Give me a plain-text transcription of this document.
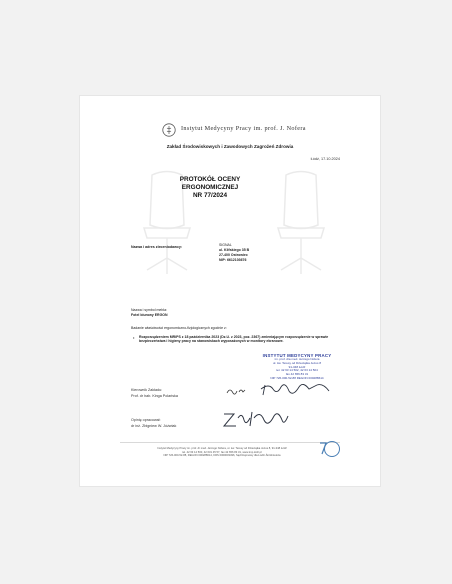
Instytut Medycyny Pracy im. prof. J. Nofera
Zakład Środowiskowych i Zawodowych Zagrożeń Zdrowia
Łódź, 17.10.2024
PROTOKÓŁ OCENY
ERGONOMICZNEJ
NR 77/2024
Nazwa i adres zleceniodawcy:	SIGNAL
ul. Klifskiego 35 B
27-400 Ostrowiec
NIP: 6612103676
Nazwa i symbol mebla:
Fotel biurowy ERGON
Badanie właściwości ergonomiczno-fizjologicznych zgodnie z:
• Rozporządzeniem MRiPS z 18 października 2023 (Dz.U. z 2023, poz. 2367) zmieniającym rozporządzenie w sprawie bezpieczeństwa i higieny pracy na stanowiskach wyposażonych w monitory ekranowe.
INSTYTUT MEDYCYNY PRACY
im. prof. dra med. Jerzego Nofera
ul. św. Teresy od Dzieciątka Jezus 8
91-348 Łódź
tel. 42 63 14 502, 42 63 14 504
fax 42 656 83 31
NIP 726-000-52-88 REGON 000288614
Kierownik Zakładu:
Prof. dr hab. Kinga Polańska
Opinię opracował:
dr inż. Zbigniew W. Jóźwiak
Instytut Medycyny Pracy im. prof. dr med. Jerzego Nofera, ul. św. Teresy od Dzieciątka Jezus 8, 91-348 Łódź
tel. 42 63 14 500, 42 631 45 57, fax 42 656 83 31, www.imp.lodz.pl
NIP 726-000-52-88, REGON 000288614, KRS 0000003496, Sąd Rejonowy dla Łodzi-Śródmieścia
